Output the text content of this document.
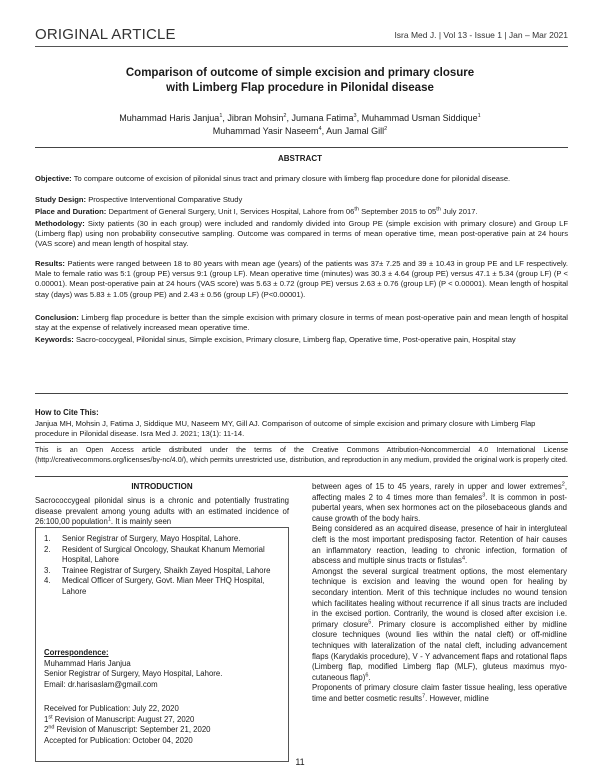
ORIGINAL ARTICLE	Isra Med J. | Vol 13 - Issue 1 | Jan – Mar 2021
Comparison of outcome of simple excision and primary closure
with Limberg Flap procedure in Pilonidal disease
Muhammad Haris Janjua$^1$, Jibran Mohsin$^2$, Jumana Fatima$^3$, Muhammad Usman Siddique$^1$
Muhammad Yasir Naseem$^4$, Aun Jamal Gill$^2$
ABSTRACT
Objective: To compare outcome of excision of pilonidal sinus tract and primary closure with limberg flap procedure done for pilonidal disease.
Study Design: Prospective Interventional Comparative Study
Place and Duration: Department of General Surgery, Unit I, Services Hospital, Lahore from 06th September 2015 to 05th July 2017.
Methodology: Sixty patients (30 in each group) were included and randomly divided into Group PE (simple excision with primary closure) and Group LF (Limberg flap) using non probability consecutive sampling. Outcome was compared in terms of mean operative time, mean post-operative pain at 24 hours (VAS score) and mean length of hospital stay.
Results: Patients were ranged between 18 to 80 years with mean age (years) of the patients was 37± 7.25 and 39 ± 10.43 in group PE and LF respectively. Male to female ratio was 5:1 (group PE) versus 9:1 (group LF). Mean operative time (minutes) was 30.3 ± 4.64 (group PE) versus 47.1 ± 5.34 (group LF) (P < 0.00001). Mean post-operative pain at 24 hours (VAS score) was 5.63 ± 0.72 (group PE) versus 2.63 ± 0.76 (group LF) (P < 0.00001). Mean length of hospital stay (days) was 5.83 ± 1.05 (group PE) and 2.43 ± 0.56 (group LF) (P<0.00001).
Conclusion: Limberg flap procedure is better than the simple excision with primary closure in terms of mean post-operative pain and mean length of hospital stay at the expense of relatively increased mean operative time.
Keywords: Sacro-coccygeal, Pilonidal sinus, Simple excision, Primary closure, Limberg flap, Operative time, Post-operative pain, Hospital stay
How to Cite This:
Janjua MH, Mohsin J, Fatima J, Siddique MU, Naseem MY, Gill AJ. Comparison of outcome of simple excision and primary closure with Limberg Flap procedure in Pilonidal disease. Isra Med J. 2021; 13(1): 11-14.
This is an Open Access article distributed under the terms of the Creative Commons Attribution-Noncommercial 4.0 International License (http://creativecommons.org/licenses/by-nc/4.0/), which permits unrestricted use, distribution, and reproduction in any medium, provided the original work is properly cited.
INTRODUCTION
Sacrococcygeal pilonidal sinus is a chronic and potentially frustrating disease prevalent among young adults with an estimated incidence of 26:100,00 population$^1$. It is mainly seen
1. Senior Registrar of Surgery, Mayo Hospital, Lahore.
2. Resident of Surgical Oncology, Shaukat Khanum Memorial Hospital, Lahore
3. Trainee Registrar of Surgery, Shaikh Zayed Hospital, Lahore
4. Medical Officer of Surgery, Govt. Mian Meer THQ Hospital, Lahore
Correspondence:
Muhammad Haris Janjua
Senior Registrar of Surgery, Mayo Hospital, Lahore.
Email: dr.harisaslam@gmail.com
Received for Publication: July 22, 2020
1st Revision of Manuscript: August 27, 2020
2nd Revision of Manuscript: September 21, 2020
Accepted for Publication: October 04, 2020
between ages of 15 to 45 years, rarely in upper and lower extremes$^2$, affecting males 2 to 4 times more than females$^3$. It is common in post-pubertal years, when sex hormones act on the pilosebaceous glands and cause growth of the body hairs.
Being considered as an acquired disease, presence of hair in intergluteal cleft is the most important predisposing factor. Retention of hair causes an inflammatory reaction, leading to chronic infection, formation of abscess and multiple sinus tracts or fistulas$^4$.
Amongst the several surgical treatment options, the most elementary technique is excision and leaving the wound open for healing by secondary intention. Merit of this technique includes no wound tension which facilitates healing without recurrence if all sinus tracts are included in the excised portion. Contrarily, the wound is closed after excision i.e. primary closure$^5$. Primary closure is accomplished either by midline closure techniques (wound lies within the natal cleft) or off-midline techniques with lateralization of the natal cleft, including advancement flaps (Karydakis procedure), V - Y advancement flaps and rotational flaps (Limberg flap, modified Limberg flap (MLF), gluteus maximus myo-cutaneous flap)$^6$.
Proponents of primary closure claim faster tissue healing, less operative time and better cosmetic results$^7$. However, midline
11
